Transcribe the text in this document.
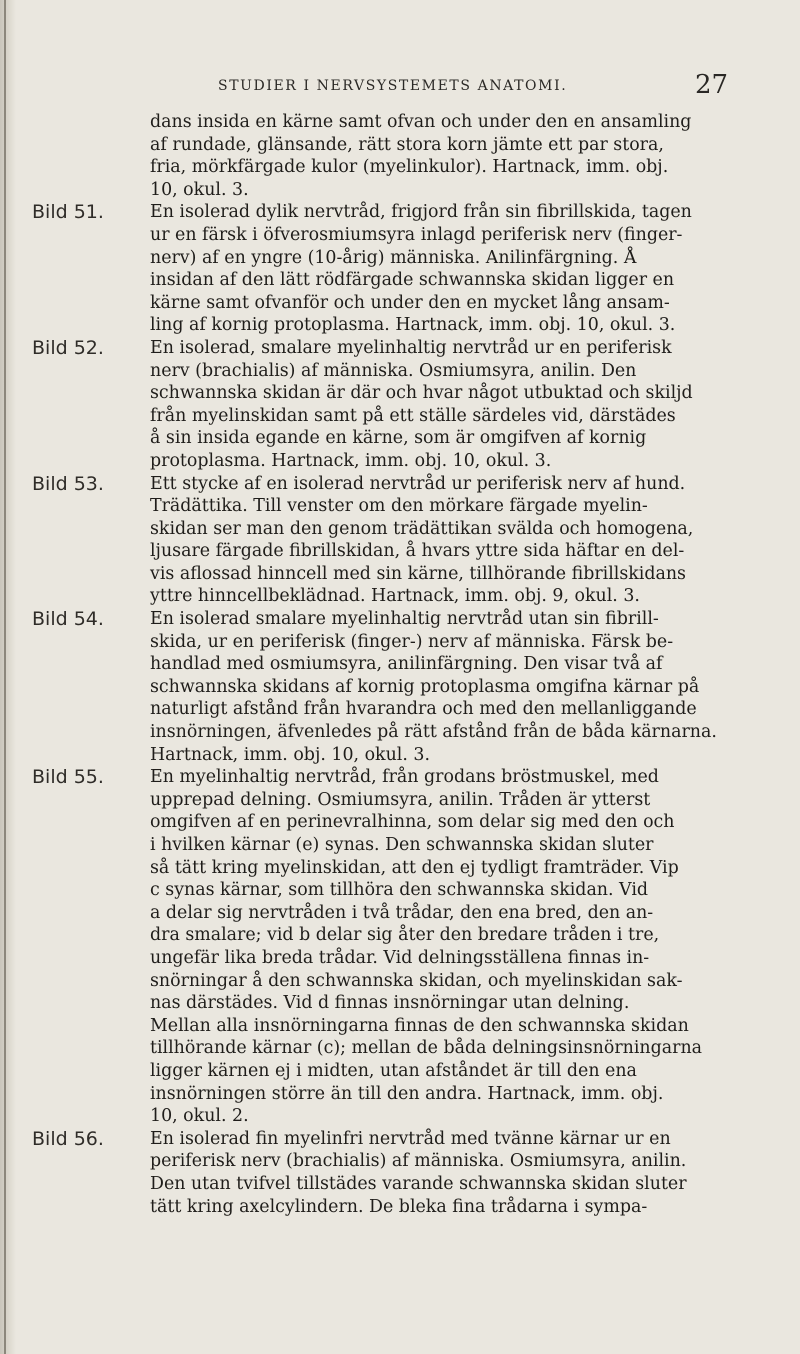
STUDIER I NERVSYSTEMETS ANATOMI.	27

dans insida en kärne samt ofvan och under den en ansamling
af rundade, glänsande, rätt stora korn jämte ett par stora,
fria, mörkfärgade kulor (myelinkulor). Hartnack, imm. obj.
10, okul. 3.

Bild 51.	En isolerad dylik nervtråd, frigjord från sin fibrillskida, tagen
ur en färsk i öfverosmiumsyra inlagd periferisk nerv (finger-
nerv) af en yngre (10-årig) människa. Anilinfärgning. Å
insidan af den lätt rödfärgade schwannska skidan ligger en
kärne samt ofvanför och under den en mycket lång ansam-
ling af kornig protoplasma. Hartnack, imm. obj. 10, okul. 3.

Bild 52.	En isolerad, smalare myelinhaltig nervtråd ur en periferisk
nerv (brachialis) af människa. Osmiumsyra, anilin. Den
schwannska skidan är där och hvar något utbuktad och skiljd
från myelinskidan samt på ett ställe särdeles vid, därstädes
å sin insida egande en kärne, som är omgifven af kornig
protoplasma. Hartnack, imm. obj. 10, okul. 3.

Bild 53.	Ett stycke af en isolerad nervtråd ur periferisk nerv af hund.
Trädättika. Till venster om den mörkare färgade myelin-
skidan ser man den genom trädättikan svälda och homogena,
ljusare färgade fibrillskidan, å hvars yttre sida häftar en del-
vis aflossad hinncell med sin kärne, tillhörande fibrillskidans
yttre hinncellbeklädnad. Hartnack, imm. obj. 9, okul. 3.

Bild 54.	En isolerad smalare myelinhaltig nervtråd utan sin fibrill-
skida, ur en periferisk (finger-) nerv af människa. Färsk be-
handlad med osmiumsyra, anilinfärgning. Den visar två af
schwannska skidans af kornig protoplasma omgifna kärnar på
naturligt afstånd från hvarandra och med den mellanliggande
insnörningen, äfvenledes på rätt afstånd från de båda kärnarna.
Hartnack, imm. obj. 10, okul. 3.

Bild 55.	En myelinhaltig nervtråd, från grodans bröstmuskel, med
upprepad delning. Osmiumsyra, anilin. Tråden är ytterst
omgifven af en perinevralhinna, som delar sig med den och
i hvilken kärnar (e) synas. Den schwannska skidan sluter
så tätt kring myelinskidan, att den ej tydligt framträder. Vip
c synas kärnar, som tillhöra den schwannska skidan. Vid
a delar sig nervtråden i två trådar, den ena bred, den an-
dra smalare; vid b delar sig åter den bredare tråden i tre,
ungefär lika breda trådar. Vid delningsställena finnas in-
snörningar å den schwannska skidan, och myelinskidan sak-
nas därstädes. Vid d finnas insnörningar utan delning.
Mellan alla insnörningarna finnas de den schwannska skidan
tillhörande kärnar (c); mellan de båda delningsinsnörningarna
ligger kärnen ej i midten, utan afståndet är till den ena
insnörningen större än till den andra. Hartnack, imm. obj.
10, okul. 2.

Bild 56.	En isolerad fin myelinfri nervtråd med tvänne kärnar ur en
periferisk nerv (brachialis) af människa. Osmiumsyra, anilin.
Den utan tvifvel tillstädes varande schwannska skidan sluter
tätt kring axelcylindern. De bleka fina trådarna i sympa-
